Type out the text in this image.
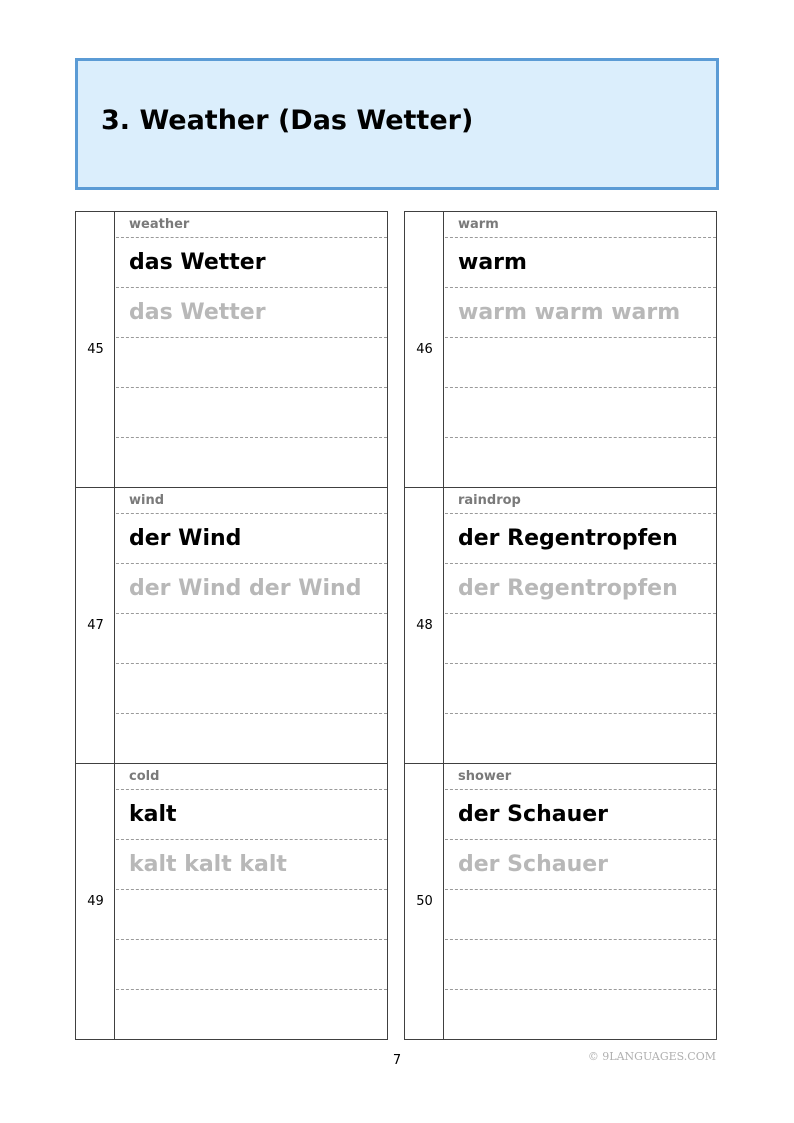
3. Weather (Das Wetter)
45
weather
das Wetter
das Wetter
47
wind
der Wind
der Wind der Wind
49
cold
kalt
kalt kalt kalt
46
warm
warm
warm warm warm
48
raindrop
der Regentropfen
der Regentropfen
50
shower
der Schauer
der Schauer
7	© 9LANGUAGES.COM
